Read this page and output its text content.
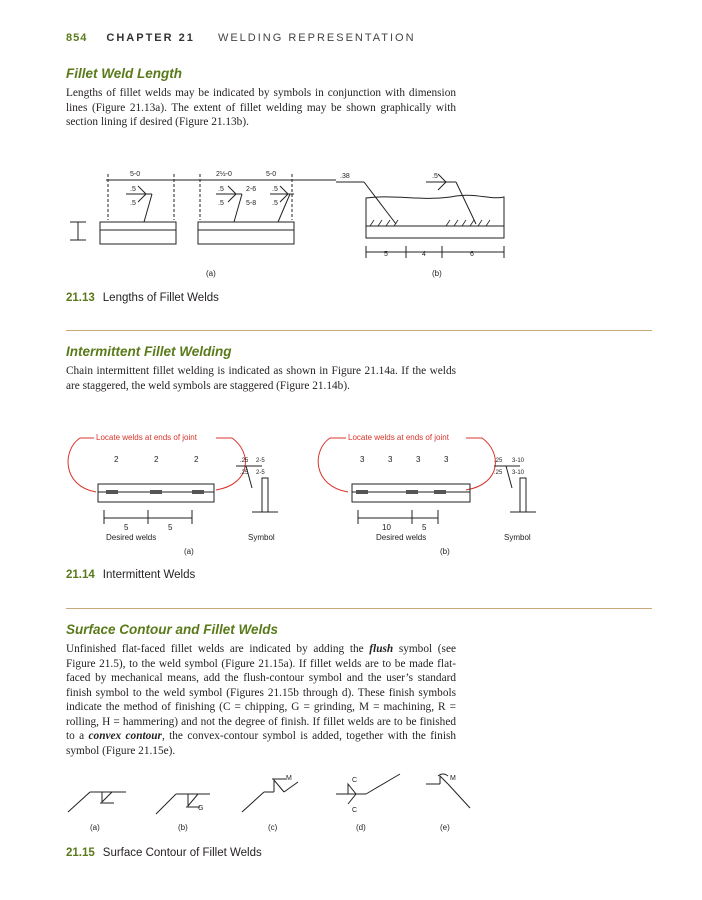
854 CHAPTER 21 WELDING REPRESENTATION
Fillet Weld Length

Lengths of fillet welds may be indicated by symbols in conjunction with dimension lines (Figure 21.13a). The extent of fillet welding may be shown graphically with section lining if desired (Figure 21.13b).

5-0	2½-0	5-0
.5
.5
.5
.5
.5
.5
2-6
5-8
.38	.5
5	4	6
(a)	(b)
21.13 Lengths of Fillet Welds
Intermittent Fillet Welding

Chain intermittent fillet welding is indicated as shown in Figure 21.14a. If the welds are staggered, the weld symbols are staggered (Figure 21.14b).

Locate welds at ends of joint	Locate welds at ends of joint
2	2	2
5	5
3	3	3	3
10	5
.25 2-5
.25 2-5
.25 3-10
.25 3-10
Desired welds	Symbol	Desired welds	Symbol
(a)	(b)
21.14 Intermittent Welds
Surface Contour and Fillet Welds

Unfinished flat-faced fillet welds are indicated by adding the flush symbol (see Figure 21.5), to the weld symbol (Figure 21.15a). If fillet welds are to be made flat-faced by mechanical means, add the flush-contour symbol and the user’s standard finish symbol to the weld symbol (Figures 21.15b through d). These finish symbols indicate the method of finishing (C = chipping, G = grinding, M = machining, R = rolling, H = hammering) and not the degree of finish. If fillet welds are to be finished to a convex contour, the convex-contour symbol is added, together with the finish symbol (Figure 21.15e).

G
M	C
C
M
(a)	(b)	(c)	(d)	(e)
21.15 Surface Contour of Fillet Welds
